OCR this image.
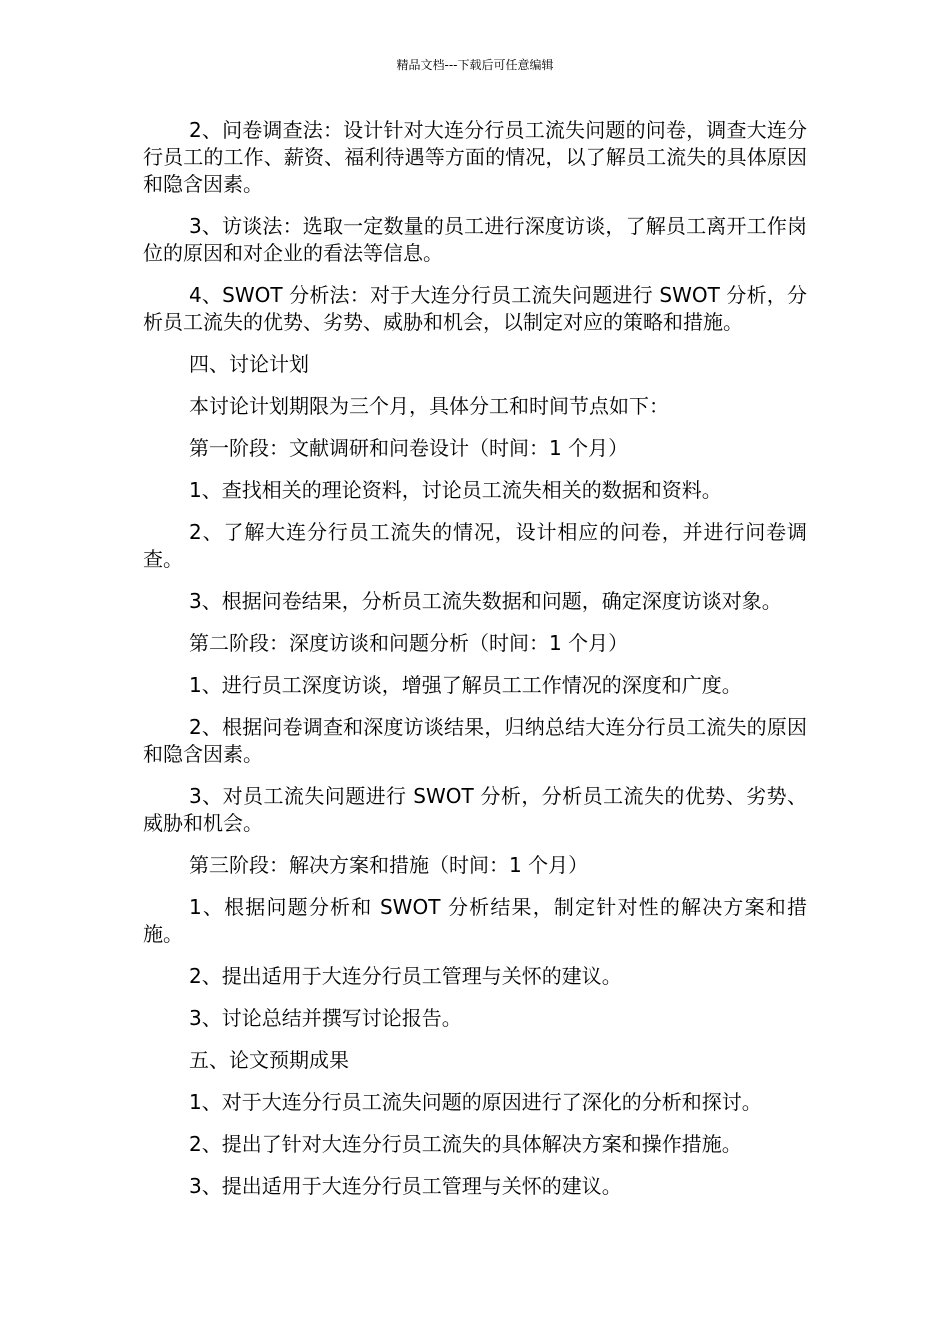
精品文档---下载后可任意编辑

2、问卷调查法：设计针对大连分行员工流失问题的问卷，调查大连分行员工的工作、薪资、福利待遇等方面的情况，以了解员工流失的具体原因和隐含因素。

3、访谈法：选取一定数量的员工进行深度访谈，了解员工离开工作岗位的原因和对企业的看法等信息。

4、SWOT 分析法：对于大连分行员工流失问题进行 SWOT 分析，分析员工流失的优势、劣势、威胁和机会，以制定对应的策略和措施。

四、讨论计划

本讨论计划期限为三个月，具体分工和时间节点如下：

第一阶段：文献调研和问卷设计（时间：1 个月）

1、查找相关的理论资料，讨论员工流失相关的数据和资料。

2、了解大连分行员工流失的情况，设计相应的问卷，并进行问卷调查。

3、根据问卷结果，分析员工流失数据和问题，确定深度访谈对象。

第二阶段：深度访谈和问题分析（时间：1 个月）

1、进行员工深度访谈，增强了解员工工作情况的深度和广度。

2、根据问卷调查和深度访谈结果，归纳总结大连分行员工流失的原因和隐含因素。

3、对员工流失问题进行 SWOT 分析，分析员工流失的优势、劣势、威胁和机会。

第三阶段：解决方案和措施（时间：1 个月）

1、根据问题分析和 SWOT 分析结果，制定针对性的解决方案和措施。

2、提出适用于大连分行员工管理与关怀的建议。

3、讨论总结并撰写讨论报告。

五、论文预期成果

1、对于大连分行员工流失问题的原因进行了深化的分析和探讨。

2、提出了针对大连分行员工流失的具体解决方案和操作措施。

3、提出适用于大连分行员工管理与关怀的建议。
